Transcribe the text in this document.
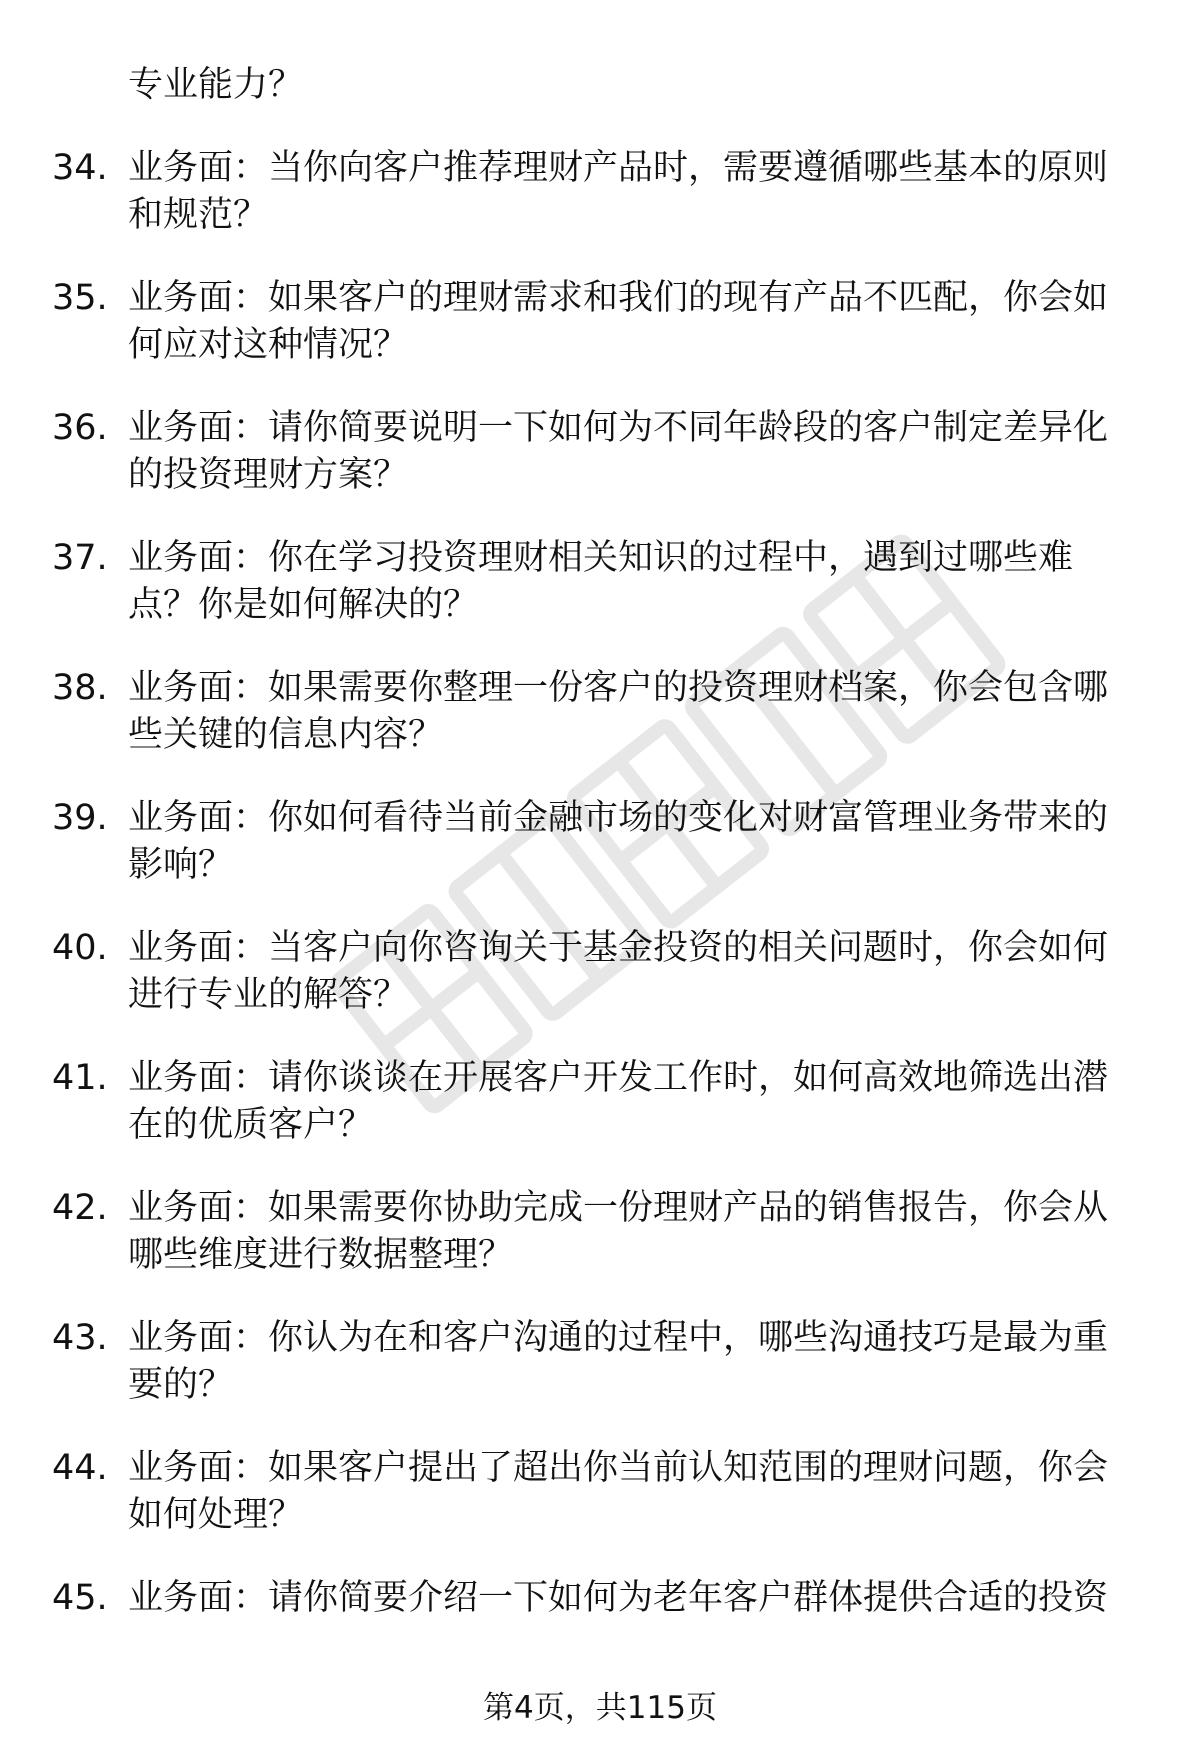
专业能力？
34. 业务面：当你向客户推荐理财产品时，需要遵循哪些基本的原则
和规范？
35. 业务面：如果客户的理财需求和我们的现有产品不匹配，你会如
何应对这种情况？
36. 业务面：请你简要说明一下如何为不同年龄段的客户制定差异化
的投资理财方案？
37. 业务面：你在学习投资理财相关知识的过程中，遇到过哪些难
点？你是如何解决的？
38. 业务面：如果需要你整理一份客户的投资理财档案，你会包含哪
些关键的信息内容？
39. 业务面：你如何看待当前金融市场的变化对财富管理业务带来的
影响？
40. 业务面：当客户向你咨询关于基金投资的相关问题时，你会如何
进行专业的解答？
41. 业务面：请你谈谈在开展客户开发工作时，如何高效地筛选出潜
在的优质客户？
42. 业务面：如果需要你协助完成一份理财产品的销售报告，你会从
哪些维度进行数据整理？
43. 业务面：你认为在和客户沟通的过程中，哪些沟通技巧是最为重
要的？
44. 业务面：如果客户提出了超出你当前认知范围的理财问题，你会
如何处理？
45. 业务面：请你简要介绍一下如何为老年客户群体提供合适的投资
第4页，共115页
